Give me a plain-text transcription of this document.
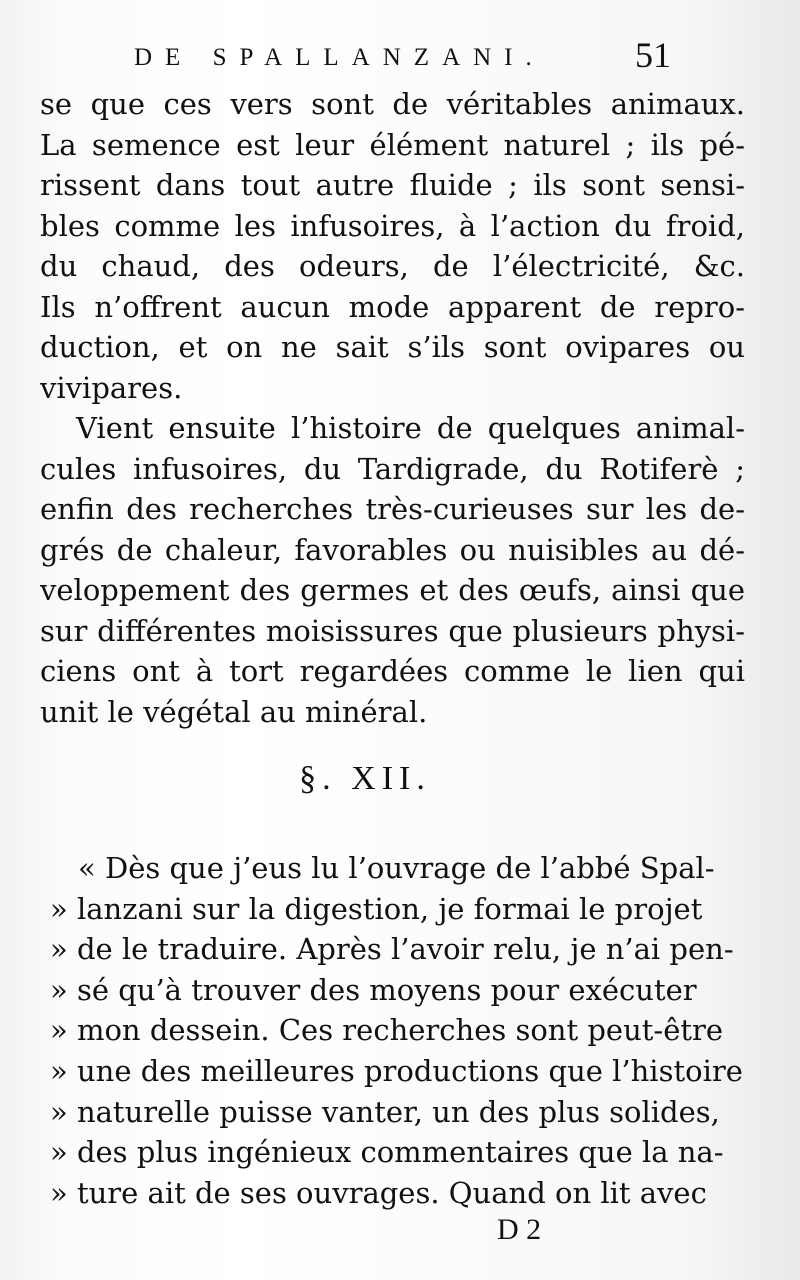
DE SPALLANZANI.	51
se que ces vers sont de véritables animaux.
La semence est leur élément naturel ; ils pé-
rissent dans tout autre fluide ; ils sont sensi-
bles comme les infusoires, à l’action du froid,
du chaud, des odeurs, de l’électricité, &c.
Ils n’offrent aucun mode apparent de repro-
duction, et on ne sait s’ils sont ovipares ou
vivipares.
Vient ensuite l’histoire de quelques animal-
cules infusoires, du Tardigrade, du Rotiferè ;
enfin des recherches très-curieuses sur les de-
grés de chaleur, favorables ou nuisibles au dé-
veloppement des germes et des œufs, ainsi que
sur différentes moisissures que plusieurs physi-
ciens ont à tort regardées comme le lien qui
unit le végétal au minéral.
§. XII.
« Dès que j’eus lu l’ouvrage de l’abbé Spal-
» lanzani sur la digestion, je formai le projet
» de le traduire. Après l’avoir relu, je n’ai pen-
» sé qu’à trouver des moyens pour exécuter
» mon dessein. Ces recherches sont peut-être
» une des meilleures productions que l’histoire
» naturelle puisse vanter, un des plus solides,
» des plus ingénieux commentaires que la na-
» ture ait de ses ouvrages. Quand on lit avec
D 2
